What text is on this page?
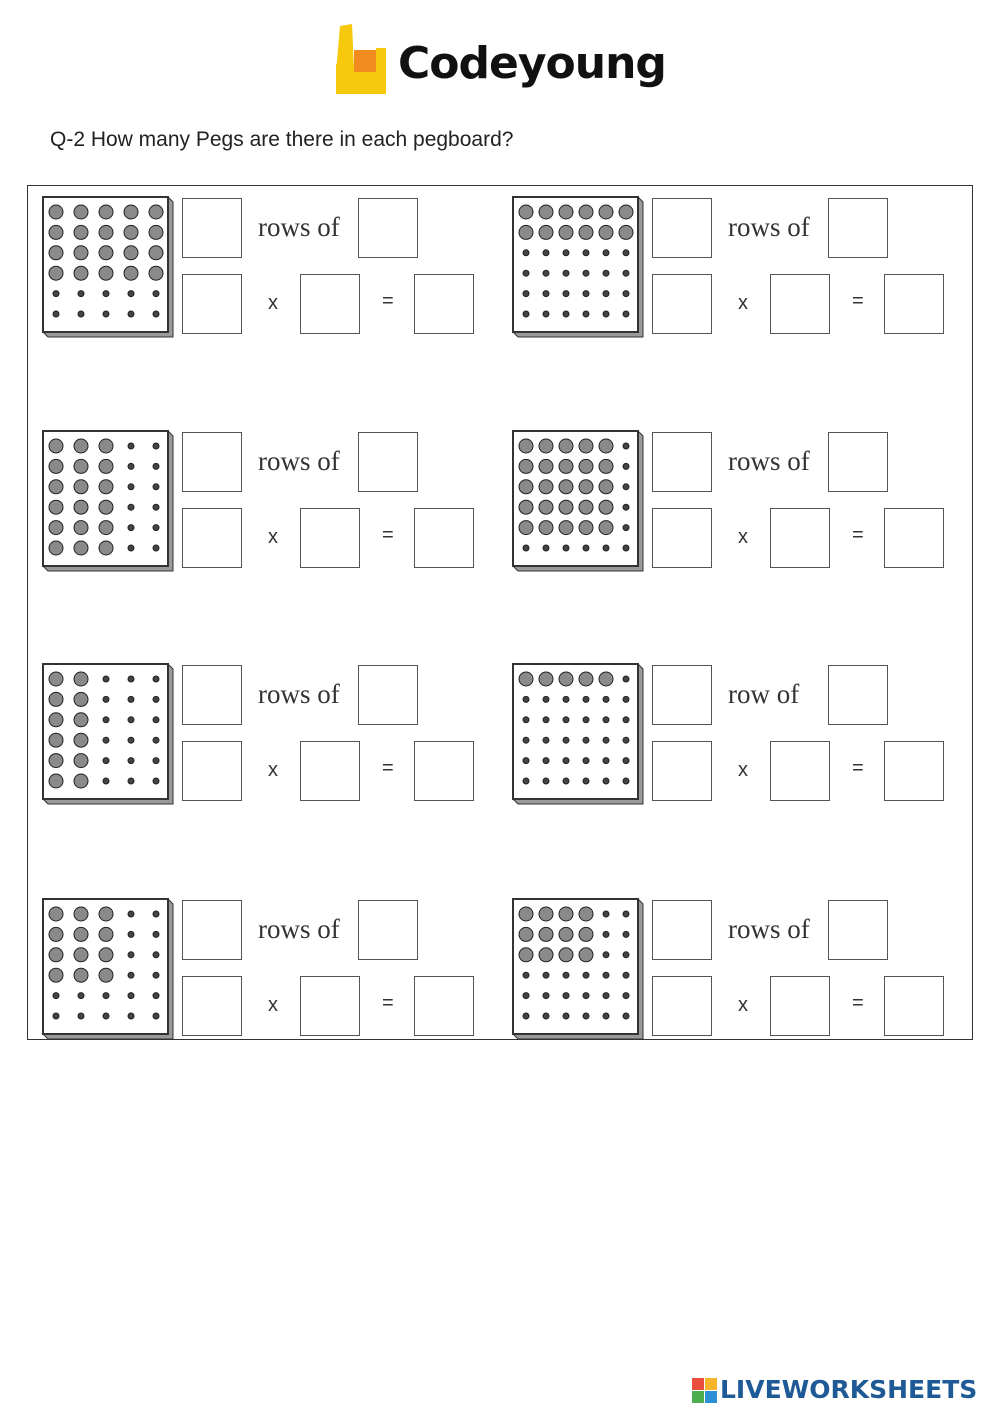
Codeyoung
Q-2 How many Pegs are there in each pegboard?
rows of
x	=
rows of
x	=
rows of
x	=
rows of
x	=
rows of
x	=
row of
x	=
rows of
x	=
rows of
x	=
LIVEWORKSHEETS
